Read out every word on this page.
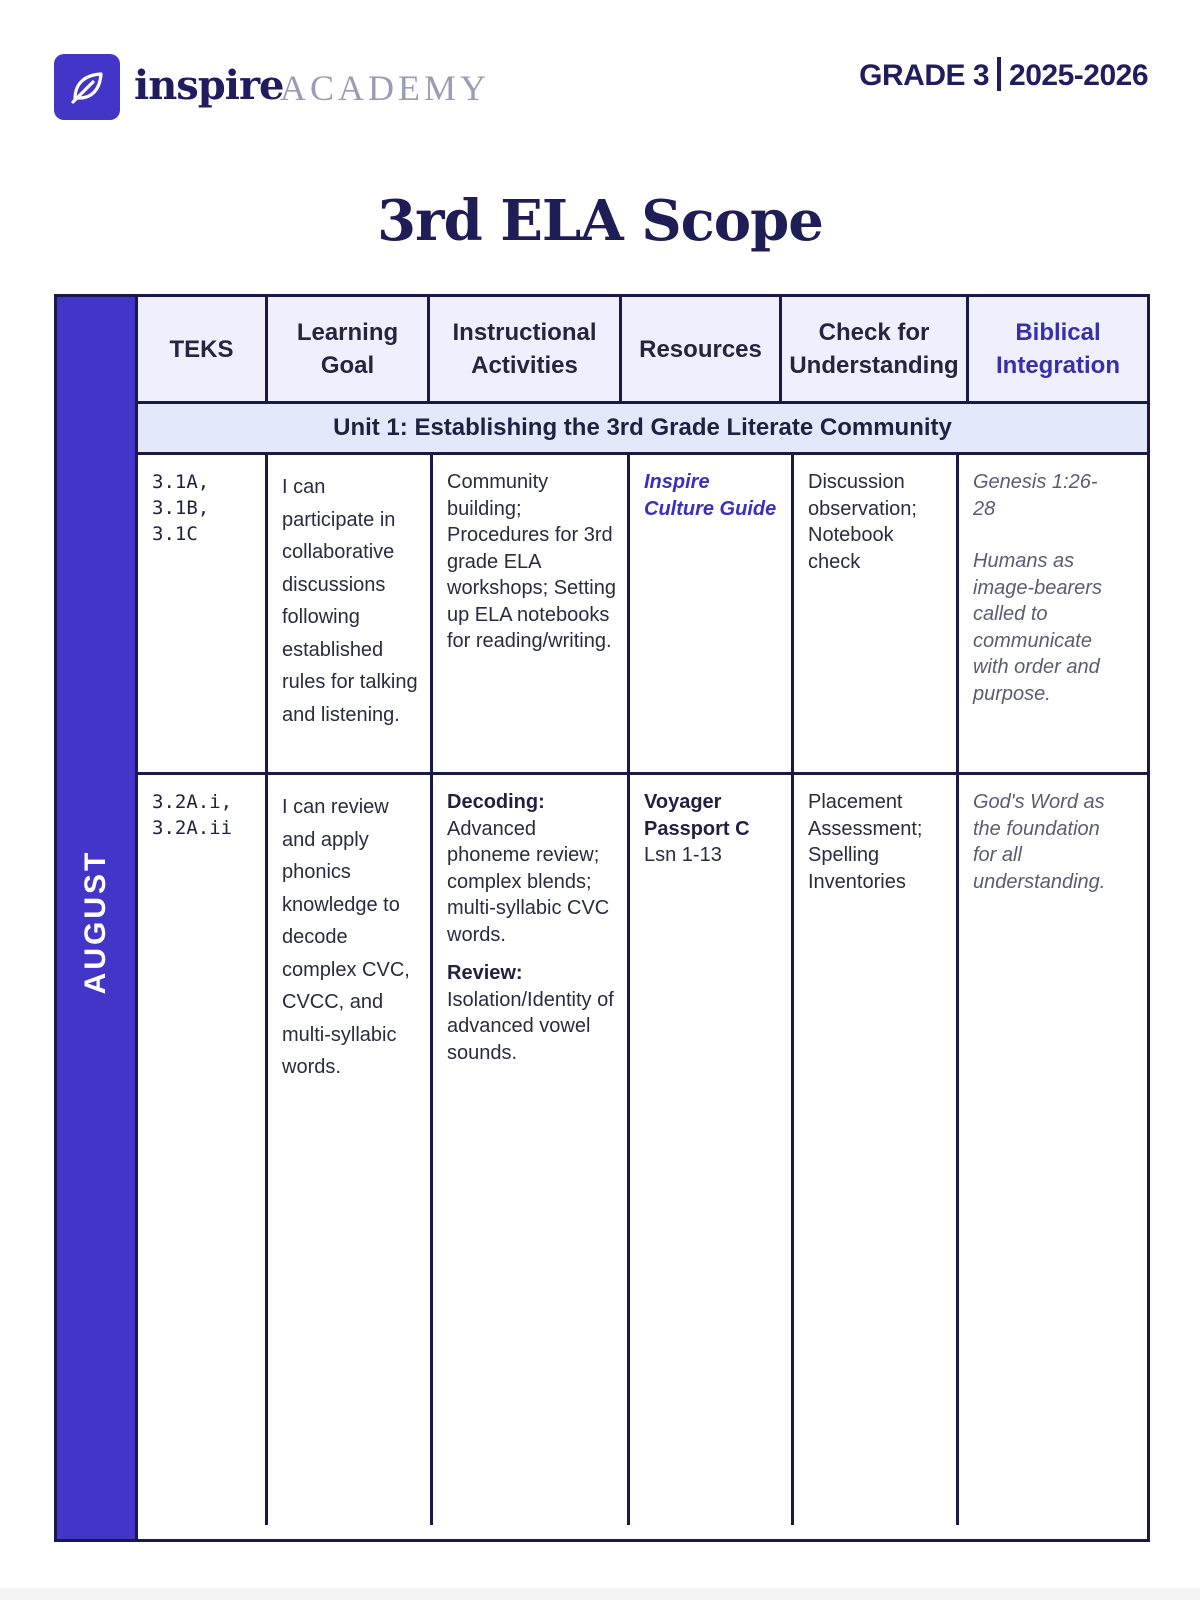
inspire
ACADEMY	GRADE 3 2025-2026
3rd ELA Scope
AUGUST
TEKS
Learning Goal
Instructional Activities
Resources
Check for Understanding
Biblical Integration
Unit 1: Establishing the 3rd Grade Literate Community
3.1A,
3.1B,
3.1C
I can participate in collaborative discussions following established rules for talking and listening.
Community building; Procedures for 3rd grade ELA workshops; Setting up ELA notebooks for reading/writing.
Inspire Culture Guide
Discussion observation; Notebook check
Genesis 1:26-28
Humans as image-bearers called to communicate with order and purpose.
3.2A.i,
3.2A.ii
I can review and apply phonics knowledge to decode complex CVC, CVCC, and multi-syllabic words.
Decoding:
Advanced phoneme review; complex blends; multi-syllabic CVC words.
Review:
Isolation/Identity of advanced vowel sounds.
Voyager Passport C
Lsn 1-13
Placement Assessment; Spelling Inventories
God's Word as the foundation for all understanding.
